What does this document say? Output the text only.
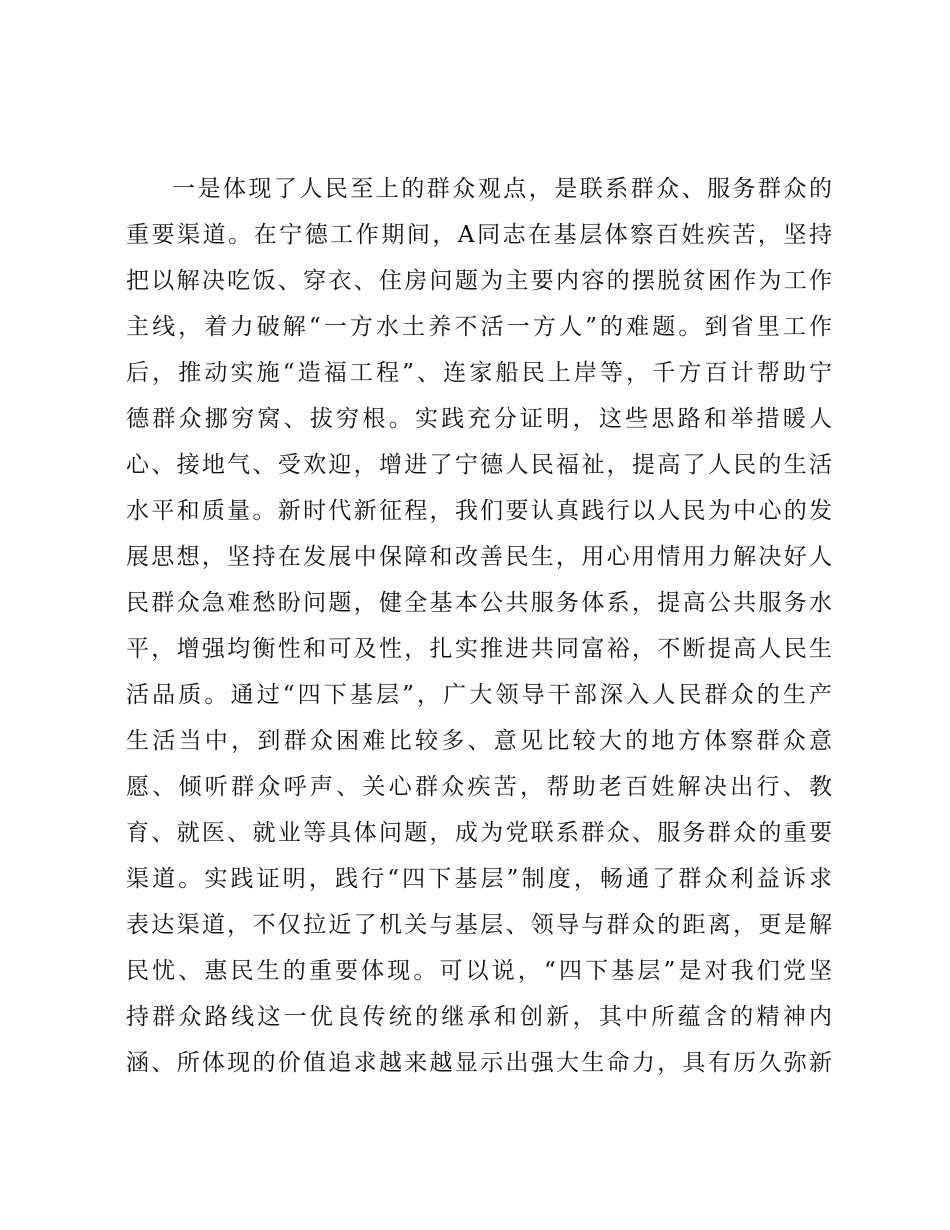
一是体现了人民至上的群众观点，是联系群众、服务群众的
重要渠道。在宁德工作期间，A同志在基层体察百姓疾苦，坚持
把以解决吃饭、穿衣、住房问题为主要内容的摆脱贫困作为工作
主线，着力破解“一方水土养不活一方人”的难题。到省里工作
后，推动实施“造福工程”、连家船民上岸等，千方百计帮助宁
德群众挪穷窝、拔穷根。实践充分证明，这些思路和举措暖人
心、接地气、受欢迎，增进了宁德人民福祉，提高了人民的生活
水平和质量。新时代新征程，我们要认真践行以人民为中心的发
展思想，坚持在发展中保障和改善民生，用心用情用力解决好人
民群众急难愁盼问题，健全基本公共服务体系，提高公共服务水
平，增强均衡性和可及性，扎实推进共同富裕，不断提高人民生
活品质。通过“四下基层”，广大领导干部深入人民群众的生产
生活当中，到群众困难比较多、意见比较大的地方体察群众意
愿、倾听群众呼声、关心群众疾苦，帮助老百姓解决出行、教
育、就医、就业等具体问题，成为党联系群众、服务群众的重要
渠道。实践证明，践行“四下基层”制度，畅通了群众利益诉求
表达渠道，不仅拉近了机关与基层、领导与群众的距离，更是解
民忧、惠民生的重要体现。可以说，“四下基层”是对我们党坚
持群众路线这一优良传统的继承和创新，其中所蕴含的精神内
涵、所体现的价值追求越来越显示出强大生命力，具有历久弥新
